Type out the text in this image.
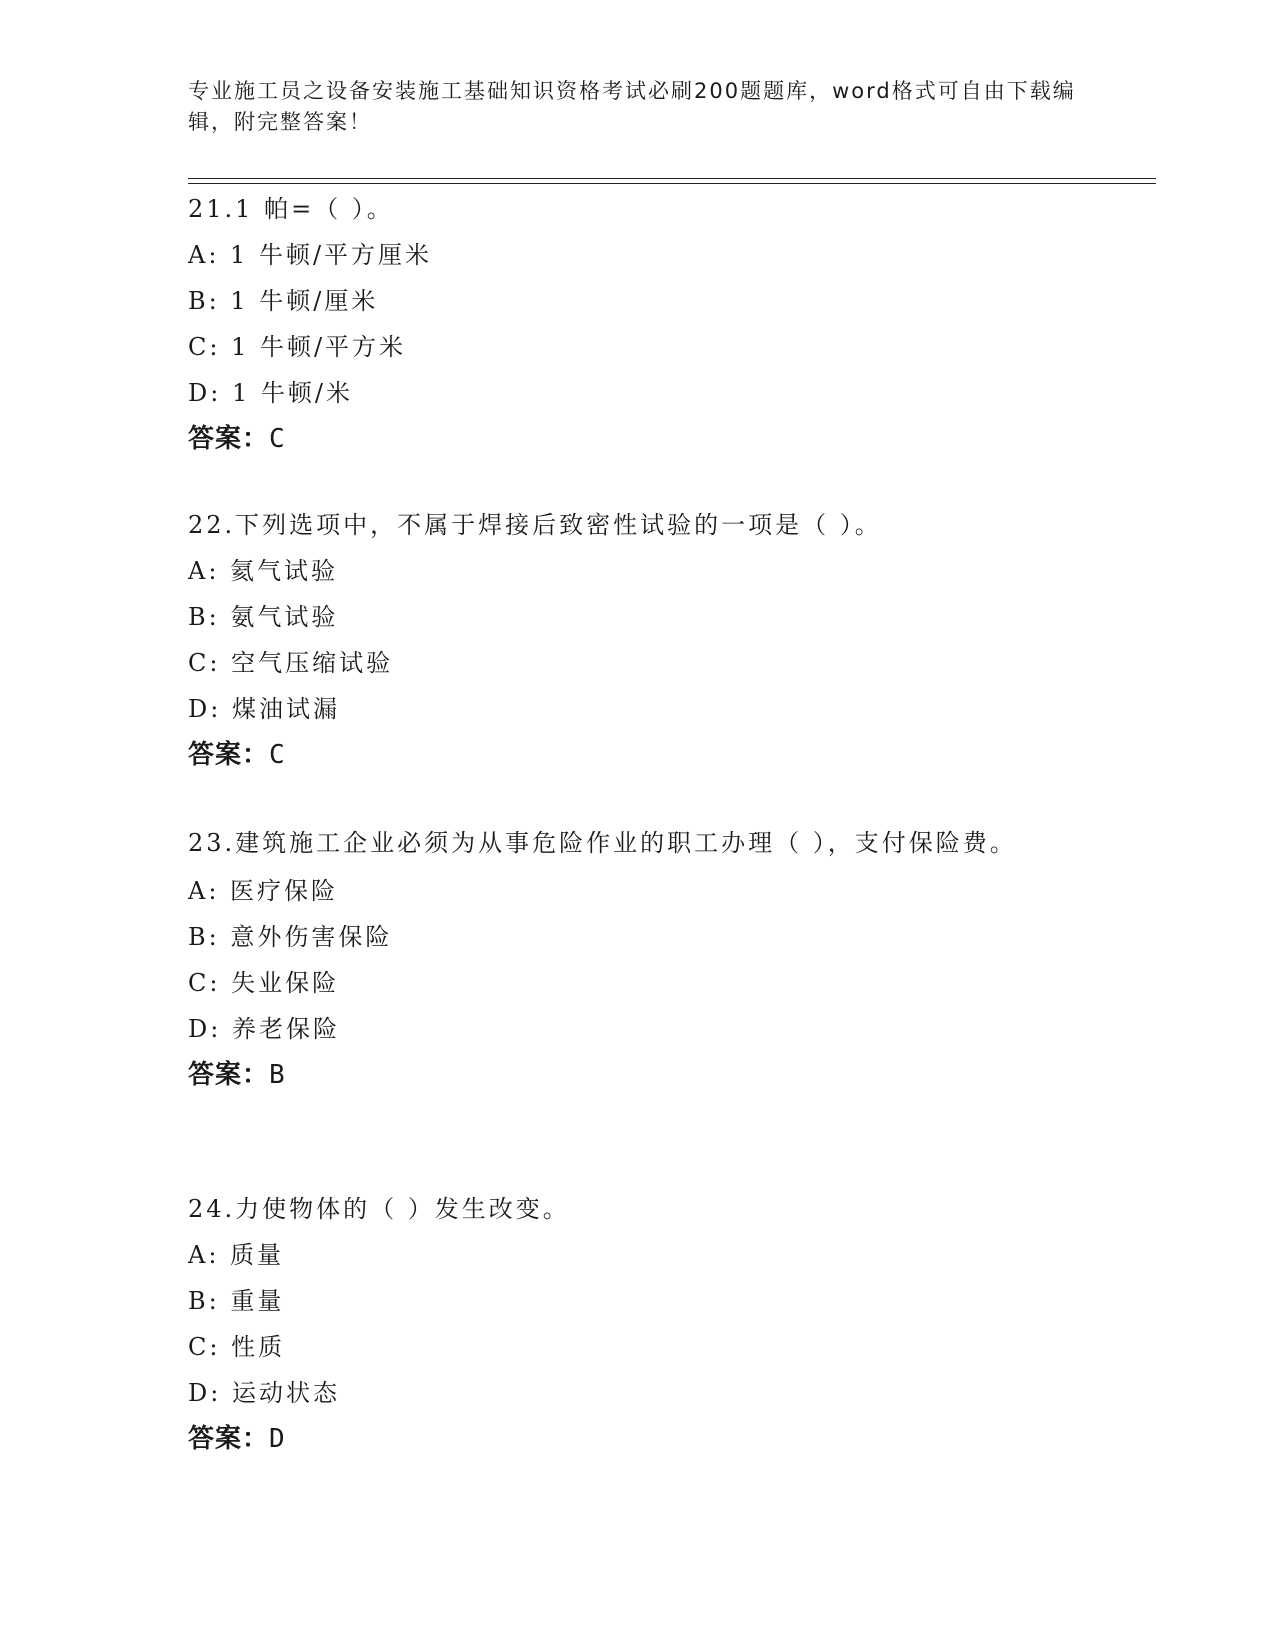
专业施工员之设备安装施工基础知识资格考试必刷200题题库，word格式可自由下载编辑，附完整答案！
21.1 帕=（ ）。
A: 1 牛顿/平方厘米
B: 1 牛顿/厘米
C: 1 牛顿/平方米
D: 1 牛顿/米
答案：C
22.下列选项中，不属于焊接后致密性试验的一项是（ ）。
A: 氦气试验
B: 氨气试验
C: 空气压缩试验
D: 煤油试漏
答案：C
23.建筑施工企业必须为从事危险作业的职工办理（ ），支付保险费。
A: 医疗保险
B: 意外伤害保险
C: 失业保险
D: 养老保险
答案：B
24.力使物体的（ ）发生改变。
A: 质量
B: 重量
C: 性质
D: 运动状态
答案：D
